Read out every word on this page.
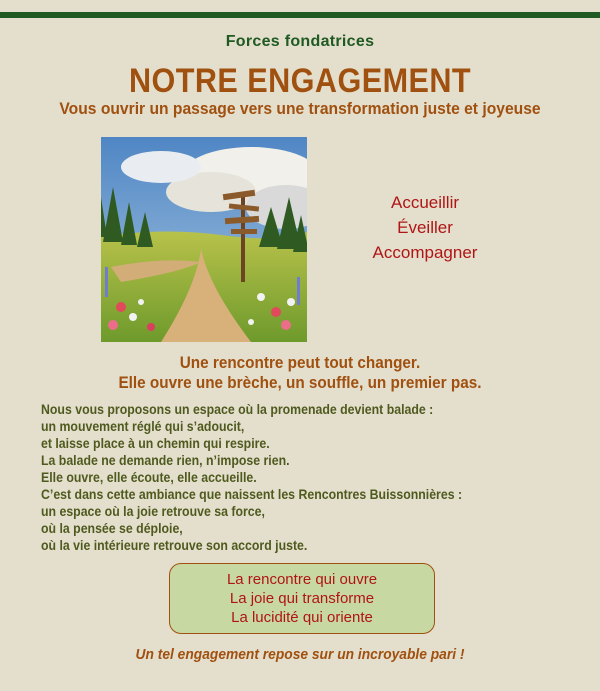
Forces fondatrices
NOTRE ENGAGEMENT
Vous ouvrir un passage vers une transformation juste et joyeuse
Accueillir
Éveiller
Accompagner
Une rencontre peut tout changer.
Elle ouvre une brèche, un souffle, un premier pas.
Nous vous proposons un espace où la promenade devient balade :
un mouvement réglé qui s’adoucit,
et laisse place à un chemin qui respire.
La balade ne demande rien, n’impose rien.
Elle ouvre, elle écoute, elle accueille.
C’est dans cette ambiance que naissent les Rencontres Buissonnières :
un espace où la joie retrouve sa force,
où la pensée se déploie,
où la vie intérieure retrouve son accord juste.
La rencontre qui ouvre
La joie qui transforme
La lucidité qui oriente
Un tel engagement repose sur un incroyable pari !
